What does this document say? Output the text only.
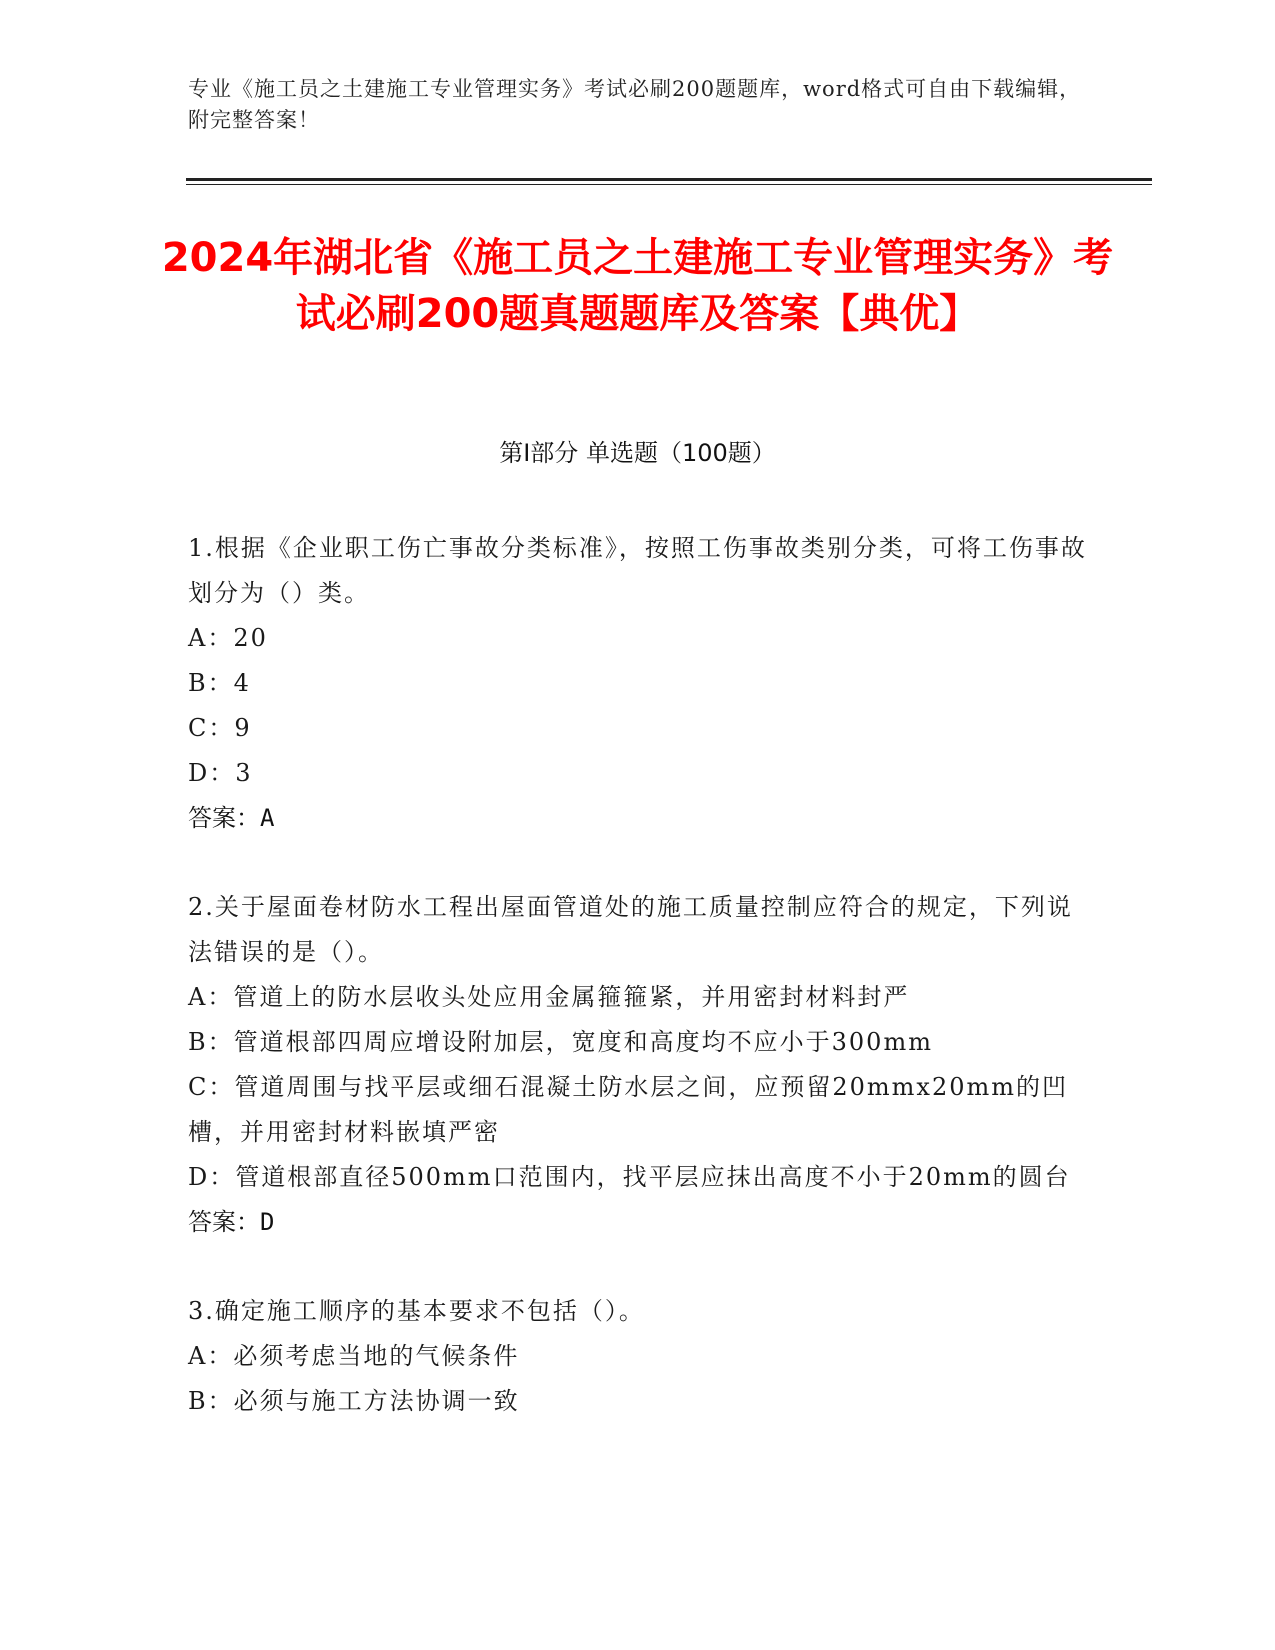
专业《施工员之土建施工专业管理实务》考试必刷200题题库，word格式可自由下载编辑，附完整答案！
2024年湖北省《施工员之土建施工专业管理实务》考试必刷200题真题题库及答案【典优】
第Ⅰ部分 单选题（100题）

1.根据《企业职工伤亡事故分类标准》，按照工伤事故类别分类，可将工伤事故划分为（）类。

A：20

B：4

C：9

D：3

答案：A

2.关于屋面卷材防水工程出屋面管道处的施工质量控制应符合的规定，下列说法错误的是（）。

A：管道上的防水层收头处应用金属箍箍紧，并用密封材料封严

B：管道根部四周应增设附加层，宽度和高度均不应小于300mm

C：管道周围与找平层或细石混凝土防水层之间，应预留20mmx20mm的凹槽，并用密封材料嵌填严密

D：管道根部直径500mm口范围内，找平层应抹出高度不小于20mm的圆台

答案：D

3.确定施工顺序的基本要求不包括（）。

A：必须考虑当地的气候条件

B：必须与施工方法协调一致
